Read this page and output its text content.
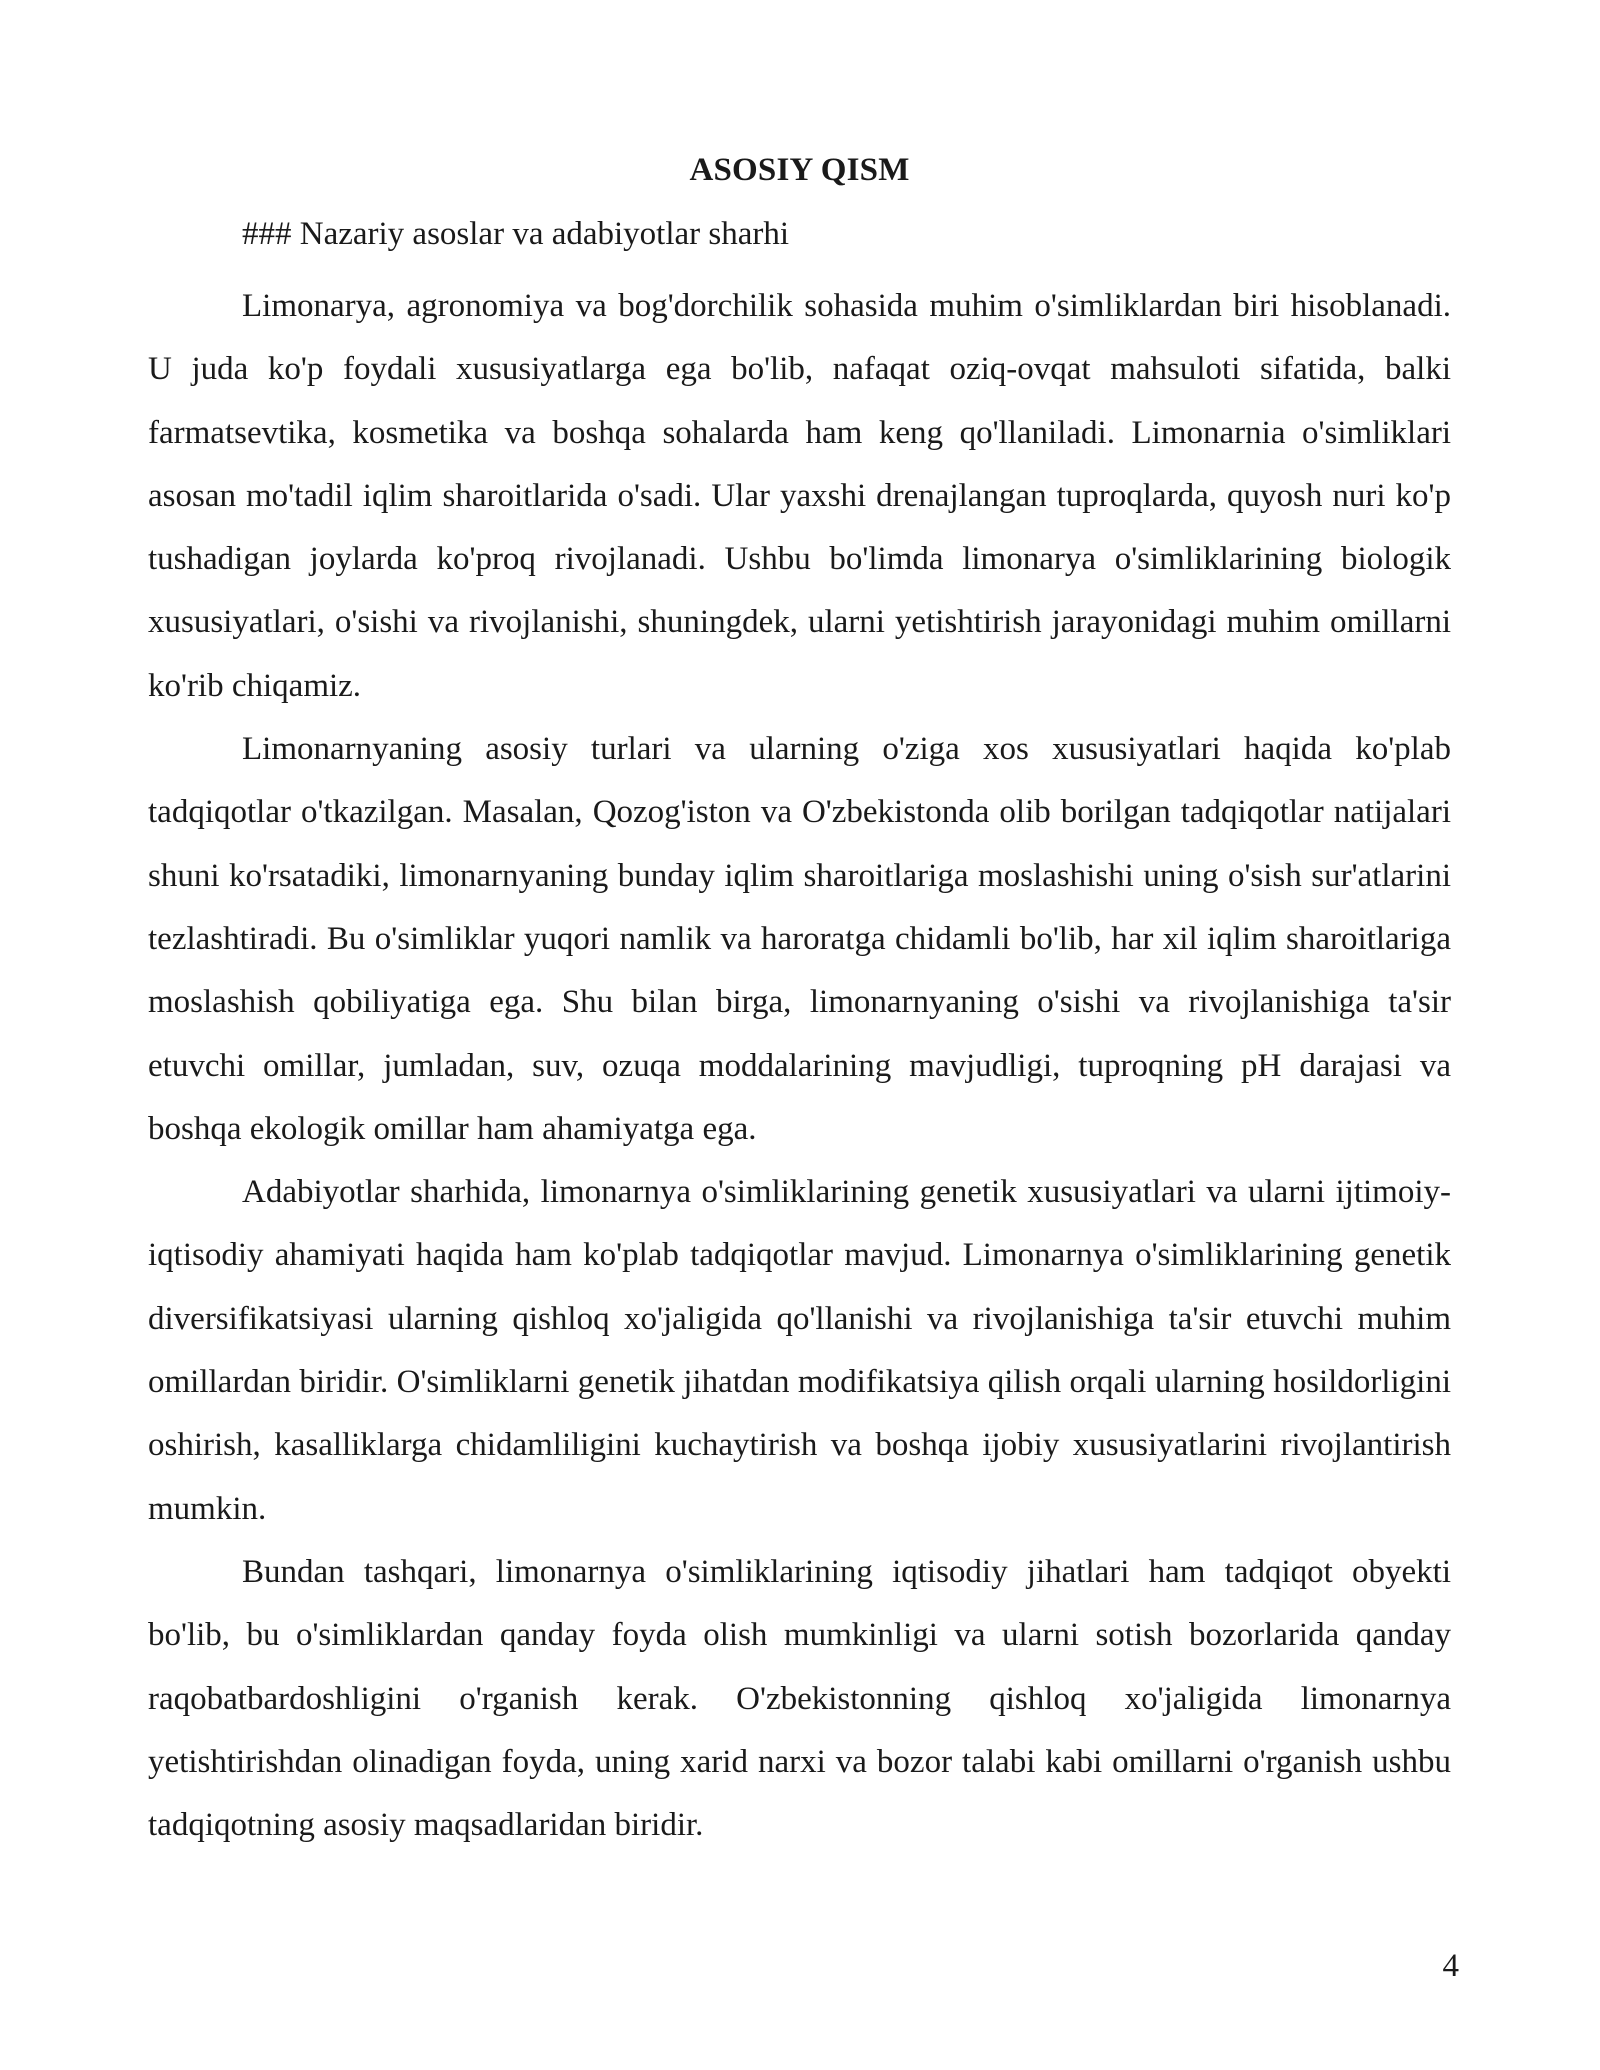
ASOSIY QISM

### Nazariy asoslar va adabiyotlar sharhi

Limonarya, agronomiya va bog'dorchilik sohasida muhim o'simliklardan biri hisoblanadi. U juda ko'p foydali xususiyatlarga ega bo'lib, nafaqat oziq-ovqat mahsuloti sifatida, balki farmatsevtika, kosmetika va boshqa sohalarda ham keng qo'llaniladi. Limonarnia o'simliklari asosan mo'tadil iqlim sharoitlarida o'sadi. Ular yaxshi drenajlangan tuproqlarda, quyosh nuri ko'p tushadigan joylarda ko'proq rivojlanadi. Ushbu bo'limda limonarya o'simliklarining biologik xususiyatlari, o'sishi va rivojlanishi, shuningdek, ularni yetishtirish jarayonidagi muhim omillarni ko'rib chiqamiz.

Limonarnyaning asosiy turlari va ularning o'ziga xos xususiyatlari haqida ko'plab tadqiqotlar o'tkazilgan. Masalan, Qozog'iston va O'zbekistonda olib borilgan tadqiqotlar natijalari shuni ko'rsatadiki, limonarnyaning bunday iqlim sharoitlariga moslashishi uning o'sish sur'atlarini tezlashtiradi. Bu o'simliklar yuqori namlik va haroratga chidamli bo'lib, har xil iqlim sharoitlariga moslashish qobiliyatiga ega. Shu bilan birga, limonarnyaning o'sishi va rivojlanishiga ta'sir etuvchi omillar, jumladan, suv, ozuqa moddalarining mavjudligi, tuproqning pH darajasi va boshqa ekologik omillar ham ahamiyatga ega.

Adabiyotlar sharhida, limonarnya o'simliklarining genetik xususiyatlari va ularni ijtimoiy-iqtisodiy ahamiyati haqida ham ko'plab tadqiqotlar mavjud. Limonarnya o'simliklarining genetik diversifikatsiyasi ularning qishloq xo'jaligida qo'llanishi va rivojlanishiga ta'sir etuvchi muhim omillardan biridir. O'simliklarni genetik jihatdan modifikatsiya qilish orqali ularning hosildorligini oshirish, kasalliklarga chidamliligini kuchaytirish va boshqa ijobiy xususiyatlarini rivojlantirish mumkin.

Bundan tashqari, limonarnya o'simliklarining iqtisodiy jihatlari ham tadqiqot obyekti bo'lib, bu o'simliklardan qanday foyda olish mumkinligi va ularni sotish bozorlarida qanday raqobatbardoshligini o'rganish kerak. O'zbekistonning qishloq xo'jaligida limonarnya yetishtirishdan olinadigan foyda, uning xarid narxi va bozor talabi kabi omillarni o'rganish ushbu tadqiqotning asosiy maqsadlaridan biridir.

4
